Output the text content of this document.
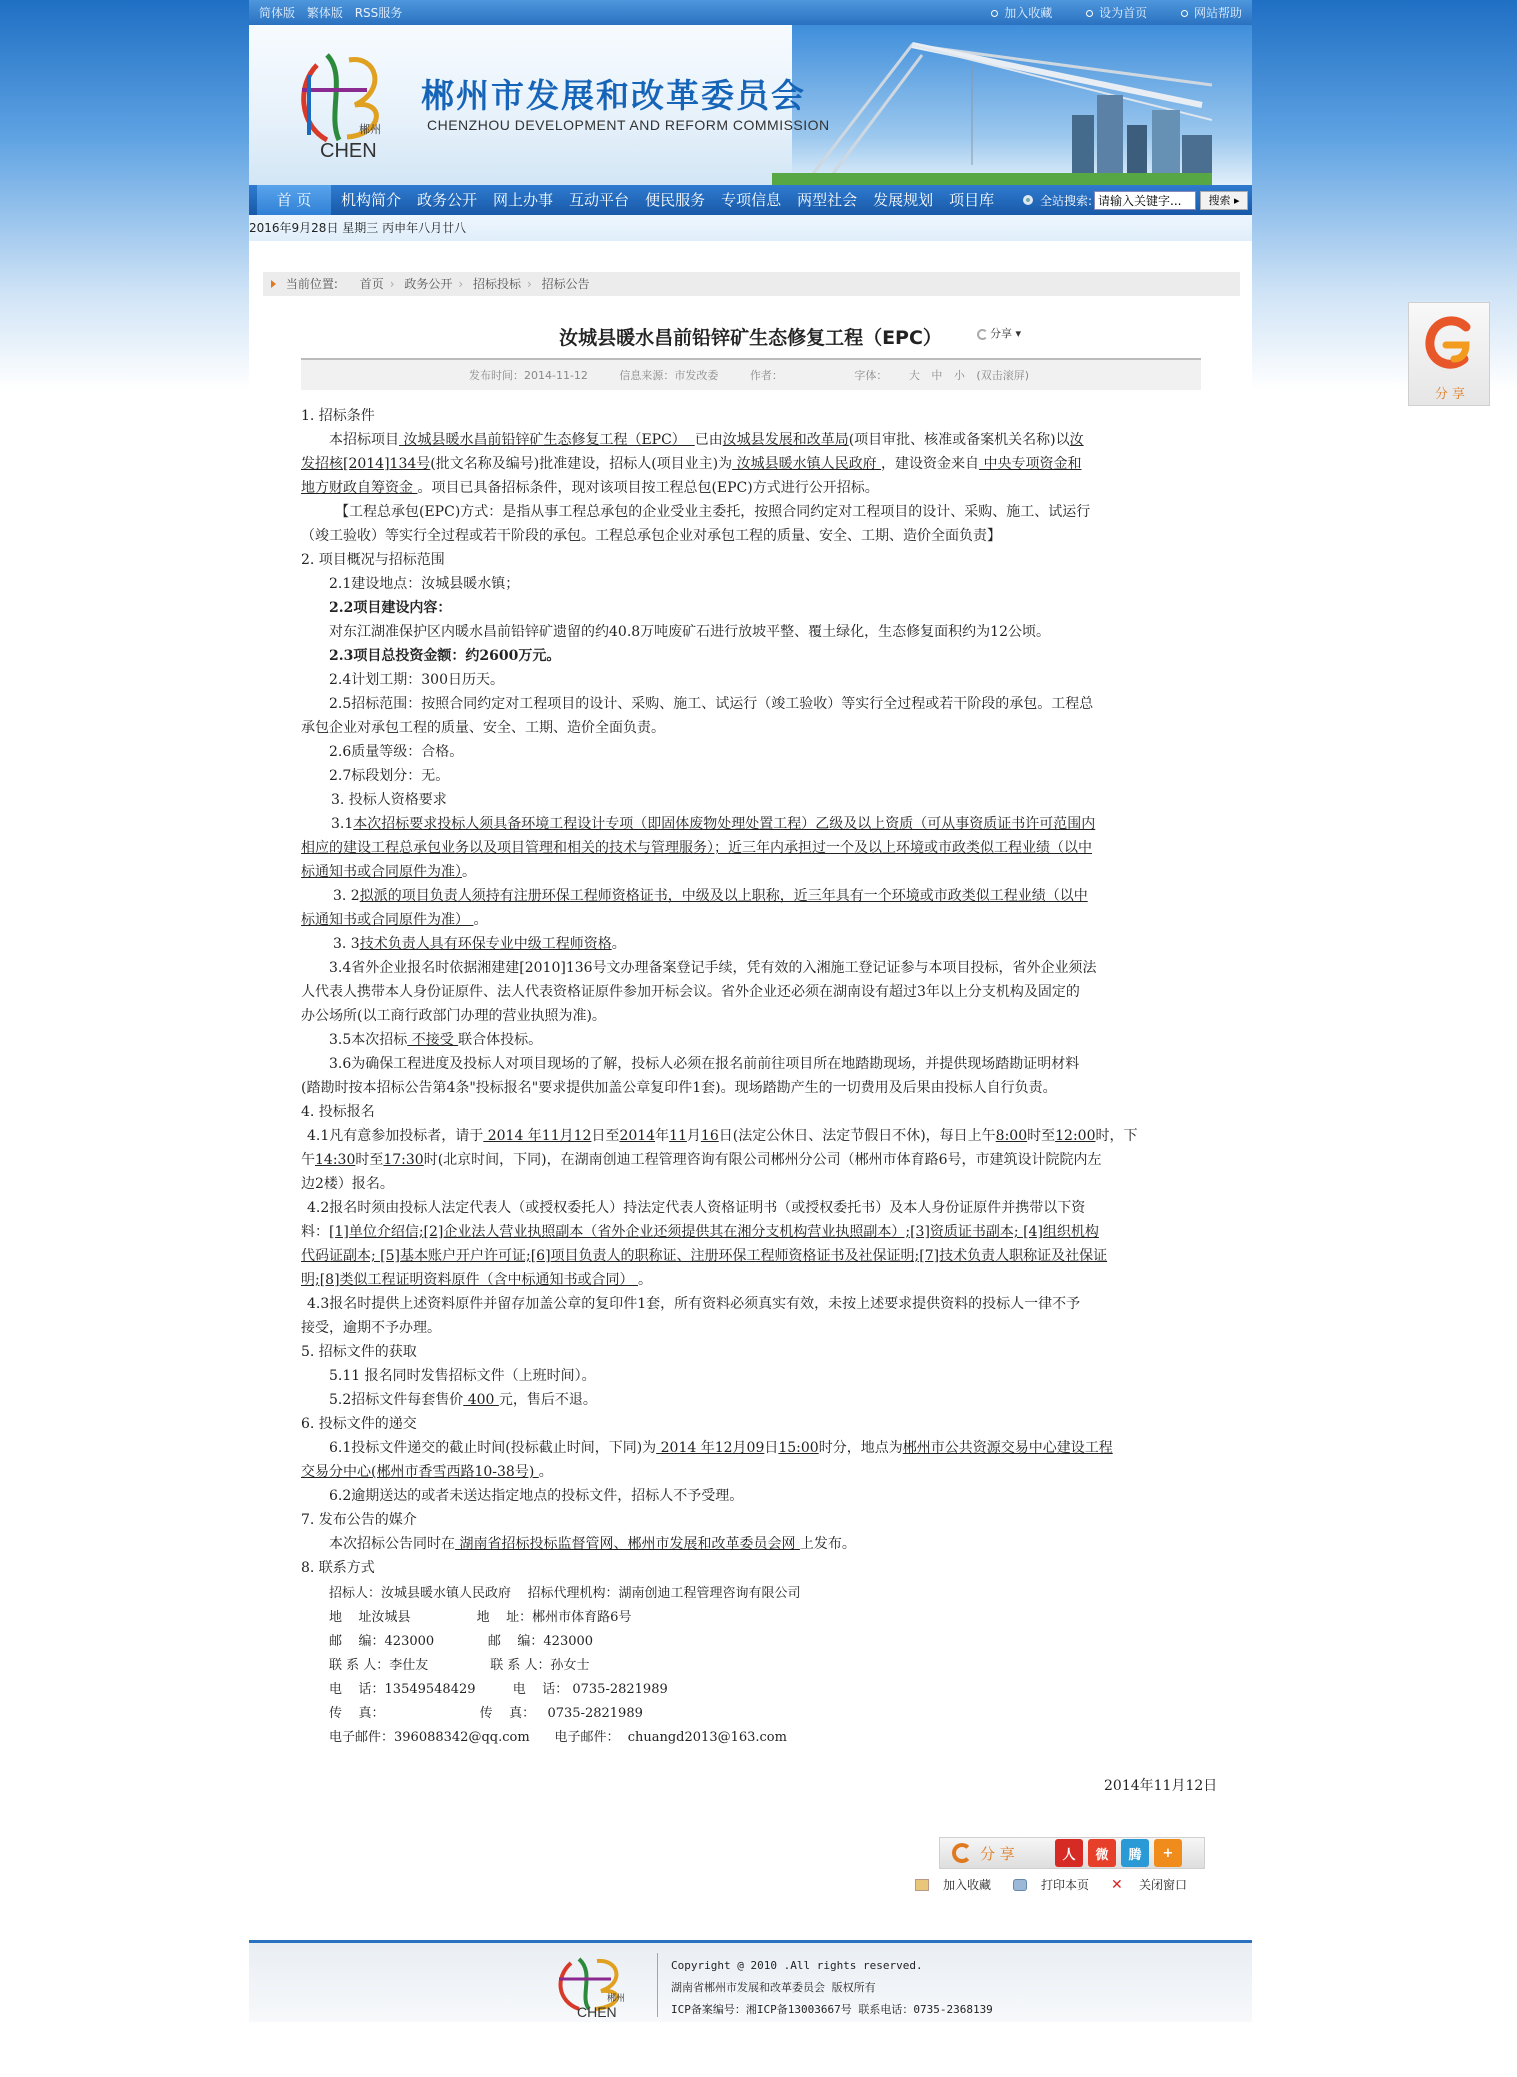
简体版 繁体版 RSS服务	加入收藏	设为首页	网站帮助
郴州
CHEN
郴州市发展和改革委员会
CHENZHOU DEVELOPMENT AND REFORM COMMISSION
首 页	机构简介	政务公开	网上办事	互动平台	便民服务	专项信息	两型社会	发展规划	项目库	全站搜索:
请输入关键字...	搜索 ▸
2016年9月28日 星期三 丙申年八月廿八
当前位置: 首页 › 政务公开 › 招标投标 › 招标公告
汝城县暖水昌前铅锌矿生态修复工程（EPC）	分享 ▾
发布时间：2014-11-12	信息来源：市发改委	作者：	字体： 大 中 小 (双击滚屏)
1. 招标条件
本招标项目 汝城县暖水昌前铅锌矿生态修复工程（EPC）  已由汝城县发展和改革局(项目审批、核准或备案机关名称)以汝
发招核[2014]134号(批文名称及编号)批准建设，招标人(项目业主)为 汝城县暖水镇人民政府 ，建设资金来自 中央专项资金和
地方财政自筹资金 。项目已具备招标条件，现对该项目按工程总包(EPC)方式进行公开招标。
【工程总承包(EPC)方式：是指从事工程总承包的企业受业主委托，按照合同约定对工程项目的设计、采购、施工、试运行
（竣工验收）等实行全过程或若干阶段的承包。工程总承包企业对承包工程的质量、安全、工期、造价全面负责】
2. 项目概况与招标范围
2.1建设地点：汝城县暖水镇；
2.2项目建设内容：
对东江湖准保护区内暖水昌前铅锌矿遗留的约40.8万吨废矿石进行放坡平整、覆土绿化，生态修复面积约为12公顷。
2.3项目总投资金额：约2600万元。
2.4计划工期：300日历天。
2.5招标范围：按照合同约定对工程项目的设计、采购、施工、试运行（竣工验收）等实行全过程或若干阶段的承包。工程总
承包企业对承包工程的质量、安全、工期、造价全面负责。
2.6质量等级：合格。
2.7标段划分：无。
3. 投标人资格要求
3.1本次招标要求投标人须具备环境工程设计专项（即固体废物处理处置工程）乙级及以上资质（可从事资质证书许可范围内
相应的建设工程总承包业务以及项目管理和相关的技术与管理服务）；近三年内承担过一个及以上环境或市政类似工程业绩（以中
标通知书或合同原件为准）。
3. 2拟派的项目负责人须持有注册环保工程师资格证书，中级及以上职称，近三年具有一个环境或市政类似工程业绩（以中
标通知书或合同原件为准） 。
3. 3技术负责人具有环保专业中级工程师资格。
3.4省外企业报名时依据湘建建[2010]136号文办理备案登记手续，凭有效的入湘施工登记证参与本项目投标，省外企业须法
人代表人携带本人身份证原件、法人代表资格证原件参加开标会议。省外企业还必须在湖南设有超过3年以上分支机构及固定的
办公场所(以工商行政部门办理的营业执照为准)。
3.5本次招标 不接受 联合体投标。
3.6为确保工程进度及投标人对项目现场的了解，投标人必须在报名前前往项目所在地踏勘现场，并提供现场踏勘证明材料
(踏勘时按本招标公告第4条"投标报名"要求提供加盖公章复印件1套)。现场踏勘产生的一切费用及后果由投标人自行负责。
4. 投标报名
4.1凡有意参加投标者，请于 2014 年11月12日至2014年11月16日(法定公休日、法定节假日不休)，每日上午8:00时至12:00时，下
午14:30时至17:30时(北京时间，下同)，在湖南创迪工程管理咨询有限公司郴州分公司（郴州市体育路6号，市建筑设计院院内左
边2楼）报名。
4.2报名时须由投标人法定代表人（或授权委托人）持法定代表人资格证明书（或授权委托书）及本人身份证原件并携带以下资
料：[1]单位介绍信;[2]企业法人营业执照副本（省外企业还须提供其在湘分支机构营业执照副本）;[3]资质证书副本; [4]组织机构
代码证副本; [5]基本账户开户许可证;[6]项目负责人的职称证、注册环保工程师资格证书及社保证明;[7]技术负责人职称证及社保证
明;[8]类似工程证明资料原件（含中标通知书或合同） 。
4.3报名时提供上述资料原件并留存加盖公章的复印件1套，所有资料必须真实有效，未按上述要求提供资料的投标人一律不予
接受，逾期不予办理。
5. 招标文件的获取
5.11 报名同时发售招标文件（上班时间）。
5.2招标文件每套售价 400 元，售后不退。
6. 投标文件的递交
6.1投标文件递交的截止时间(投标截止时间，下同)为 2014 年12月09日15:00时分，地点为郴州市公共资源交易中心建设工程
交易分中心(郴州市香雪西路10-38号) 。
6.2逾期送达的或者未送达指定地点的投标文件，招标人不予受理。
7. 发布公告的媒介
本次招标公告同时在 湖南省招标投标监督管网、郴州市发展和改革委员会网 上发布。
8. 联系方式
招标人：汝城县暖水镇人民政府    招标代理机构：湖南创迪工程管理咨询有限公司
地    址汝城县                地    址：郴州市体育路6号
邮    编：423000             邮    编：423000
联 系 人：李仕友               联 系 人：孙女士
电    话：13549548429         电    话： 0735-2821989
传    真：                       传    真：   0735-2821989
电子邮件：396088342@qq.com      电子邮件：  chuangd2013@163.com
2014年11月12日
分 享	人	微	腾	+
加入收藏	打印本页 ✕ 关闭窗口
郴州
CHEN
Copyright @ 2010 .All rights reserved.
湖南省郴州市发展和改革委员会 版权所有
ICP备案编号：湘ICP备13003667号 联系电话：0735-2368139
分 享
